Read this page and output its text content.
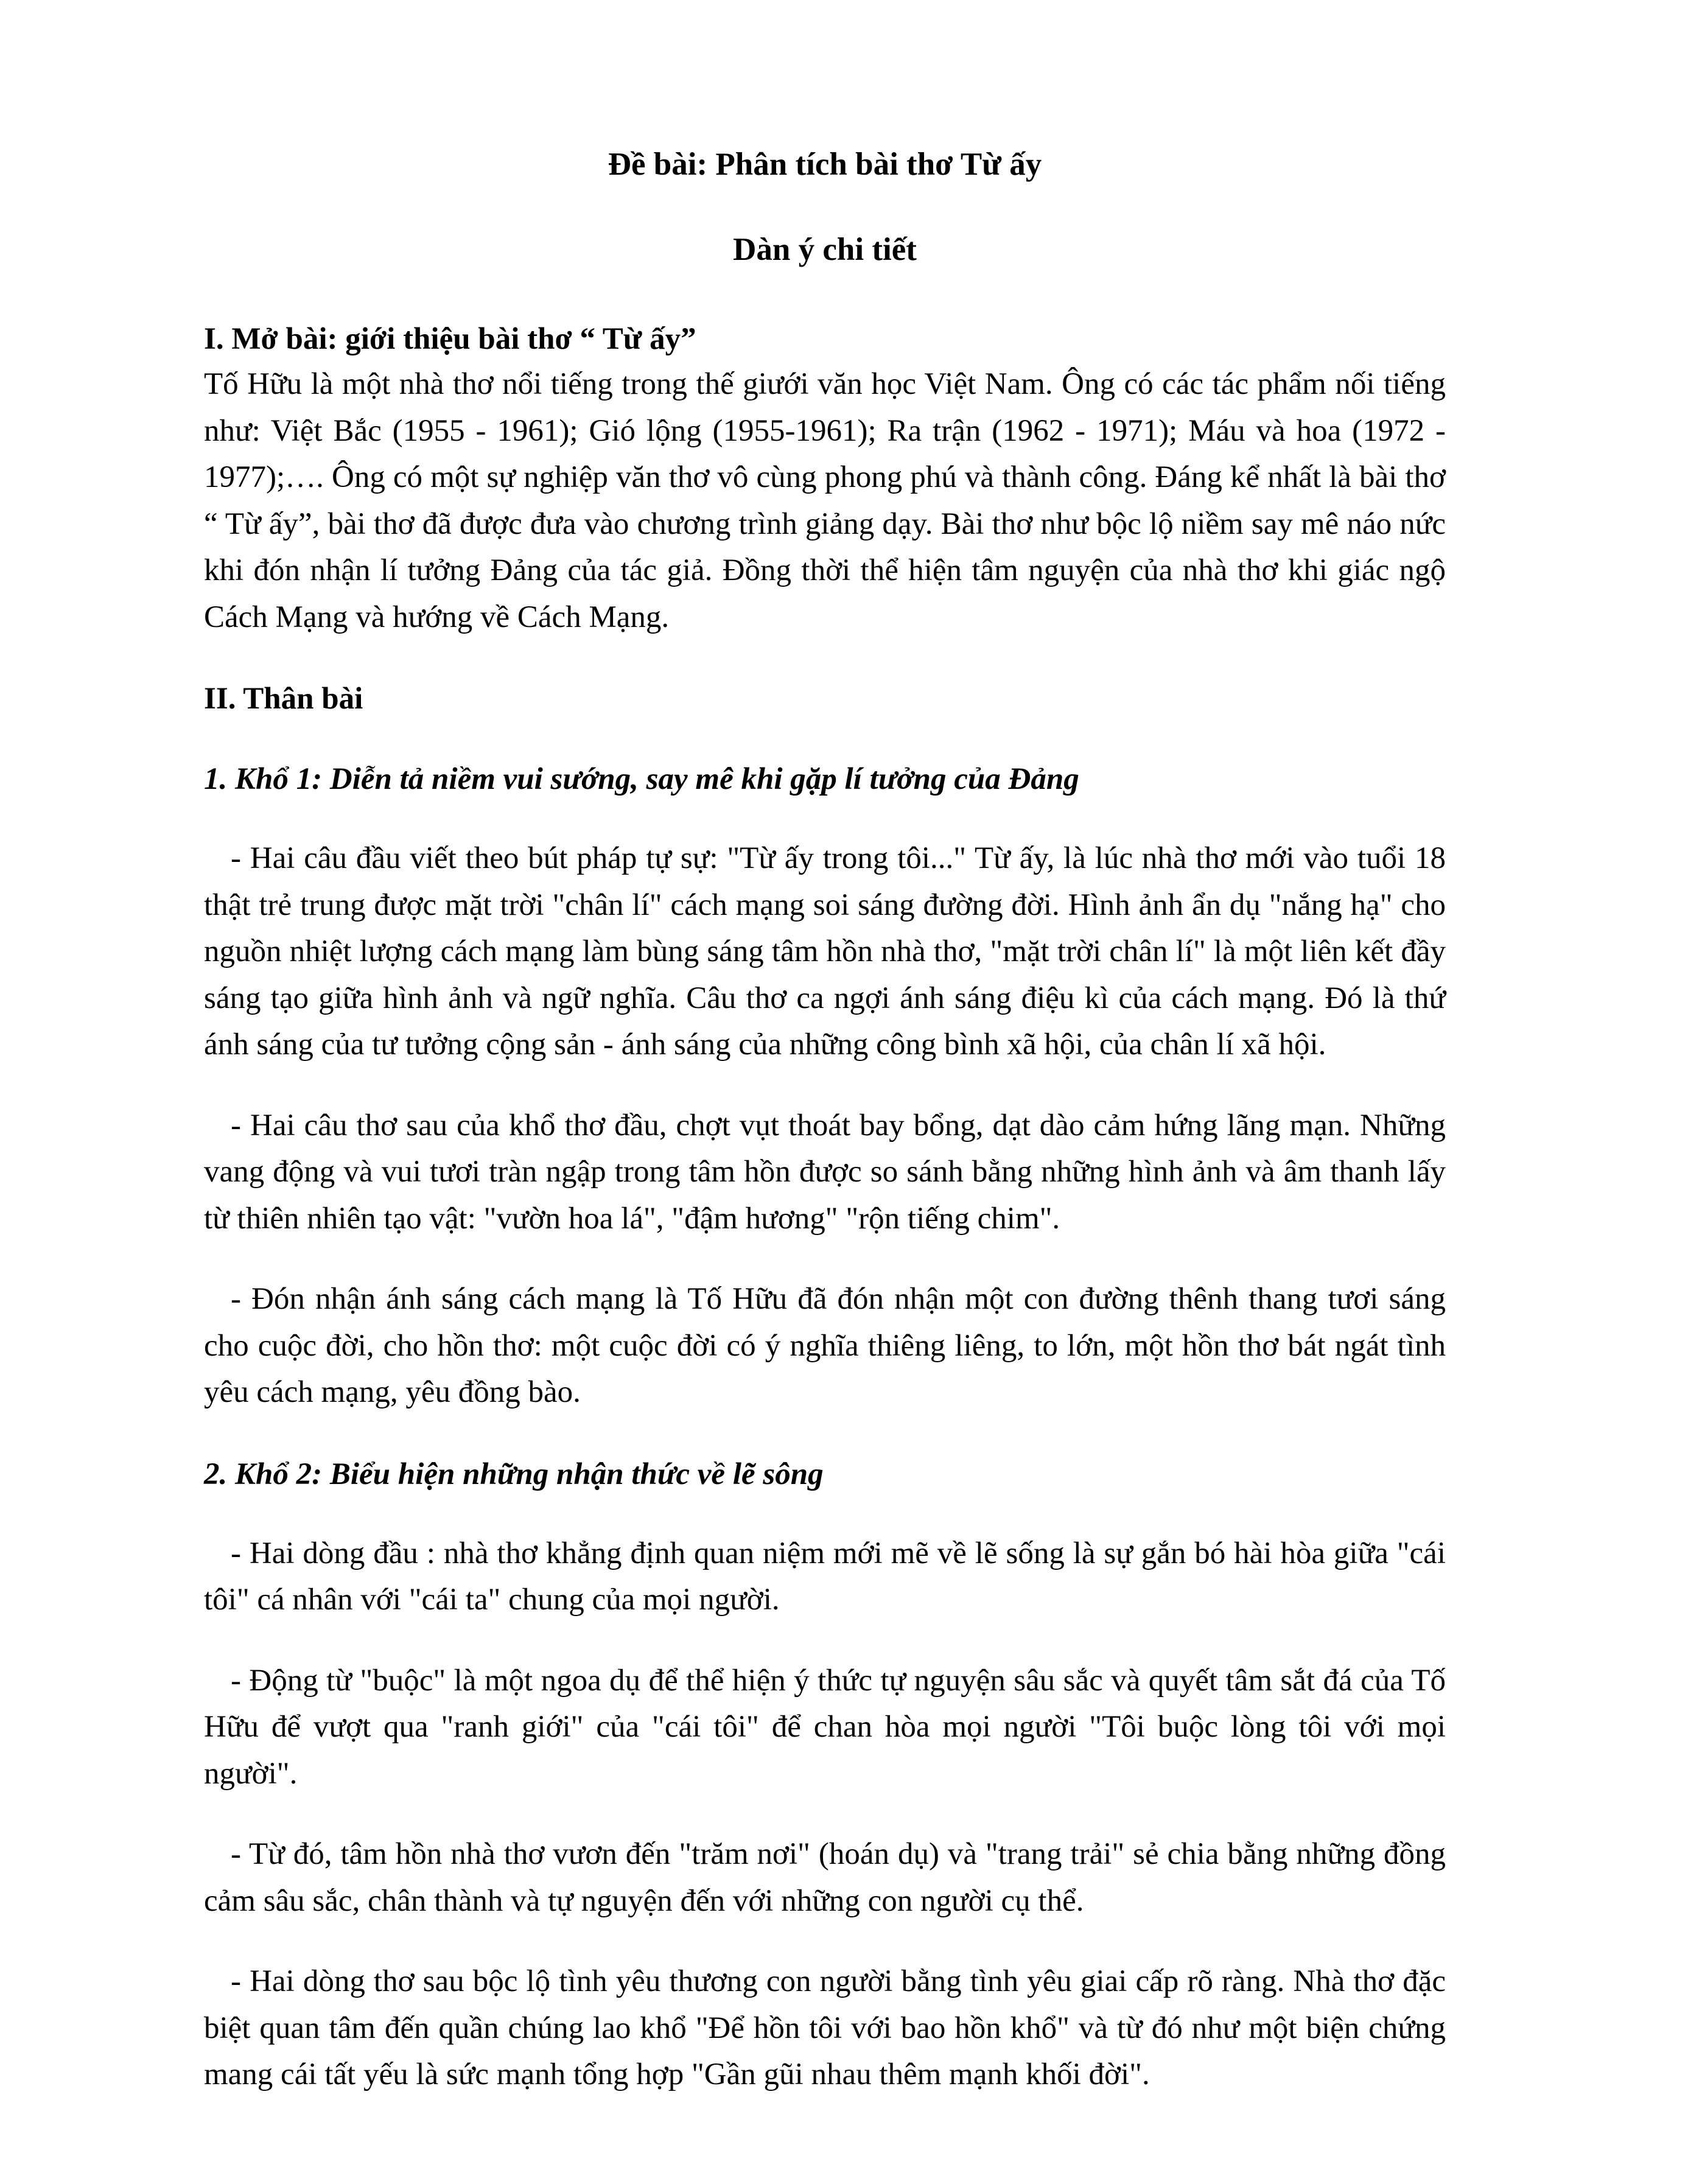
Đề bài: Phân tích bài thơ Từ ấy
Dàn ý chi tiết
I. Mở bài: giới thiệu bài thơ “ Từ ấy”

Tố Hữu là một nhà thơ nổi tiếng trong thế giưới văn học Việt Nam. Ông có các tác phẩm nối tiếng như: Việt Bắc (1955 - 1961); Gió lộng (1955-1961); Ra trận (1962 - 1971); Máu và hoa (1972 - 1977);…. Ông có một sự nghiệp văn thơ vô cùng phong phú và thành công. Đáng kể nhất là bài thơ “ Từ ấy”, bài thơ đã được đưa vào chương trình giảng dạy. Bài thơ như bộc lộ niềm say mê náo nức khi đón nhận lí tưởng Đảng của tác giả. Đồng thời thể hiện tâm nguyện của nhà thơ khi giác ngộ Cách Mạng và hướng về Cách Mạng.

II. Thân bài
1. Khổ 1: Diễn tả niềm vui sướng, say mê khi gặp lí tưởng của Đảng

- Hai câu đầu viết theo bút pháp tự sự: "Từ ấy trong tôi..." Từ ấy, là lúc nhà thơ mới vào tuổi 18 thật trẻ trung được mặt trời "chân lí" cách mạng soi sáng đường đời. Hình ảnh ẩn dụ "nắng hạ" cho nguồn nhiệt lượng cách mạng làm bùng sáng tâm hồn nhà thơ, "mặt trời chân lí" là một liên kết đầy sáng tạo giữa hình ảnh và ngữ nghĩa. Câu thơ ca ngợi ánh sáng điệu kì của cách mạng. Đó là thứ ánh sáng của tư tưởng cộng sản - ánh sáng của những công bình xã hội, của chân lí xã hội.

- Hai câu thơ sau của khổ thơ đầu, chợt vụt thoát bay bổng, dạt dào cảm hứng lãng mạn. Những vang động và vui tươi tràn ngập trong tâm hồn được so sánh bằng những hình ảnh và âm thanh lấy từ thiên nhiên tạo vật: "vườn hoa lá", "đậm hương" "rộn tiếng chim".

- Đón nhận ánh sáng cách mạng là Tố Hữu đã đón nhận một con đường thênh thang tươi sáng cho cuộc đời, cho hồn thơ: một cuộc đời có ý nghĩa thiêng liêng, to lớn, một hồn thơ bát ngát tình yêu cách mạng, yêu đồng bào.

2. Khổ 2: Biểu hiện những nhận thức về lẽ sông

- Hai dòng đầu : nhà thơ khẳng định quan niệm mới mẽ về lẽ sống là sự gắn bó hài hòa giữa "cái tôi" cá nhân với "cái ta" chung của mọi người.

- Động từ "buộc" là một ngoa dụ để thể hiện ý thức tự nguyện sâu sắc và quyết tâm sắt đá của Tố Hữu để vượt qua "ranh giới" của "cái tôi" để chan hòa mọi người "Tôi buộc lòng tôi với mọi người".

- Từ đó, tâm hồn nhà thơ vươn đến "trăm nơi" (hoán dụ) và "trang trải" sẻ chia bằng những đồng cảm sâu sắc, chân thành và tự nguyện đến với những con người cụ thể.

- Hai dòng thơ sau bộc lộ tình yêu thương con người bằng tình yêu giai cấp rõ ràng. Nhà thơ đặc biệt quan tâm đến quần chúng lao khổ "Để hồn tôi với bao hồn khổ" và từ đó như một biện chứng mang cái tất yếu là sức mạnh tổng hợp "Gần gũi nhau thêm mạnh khối đời".
